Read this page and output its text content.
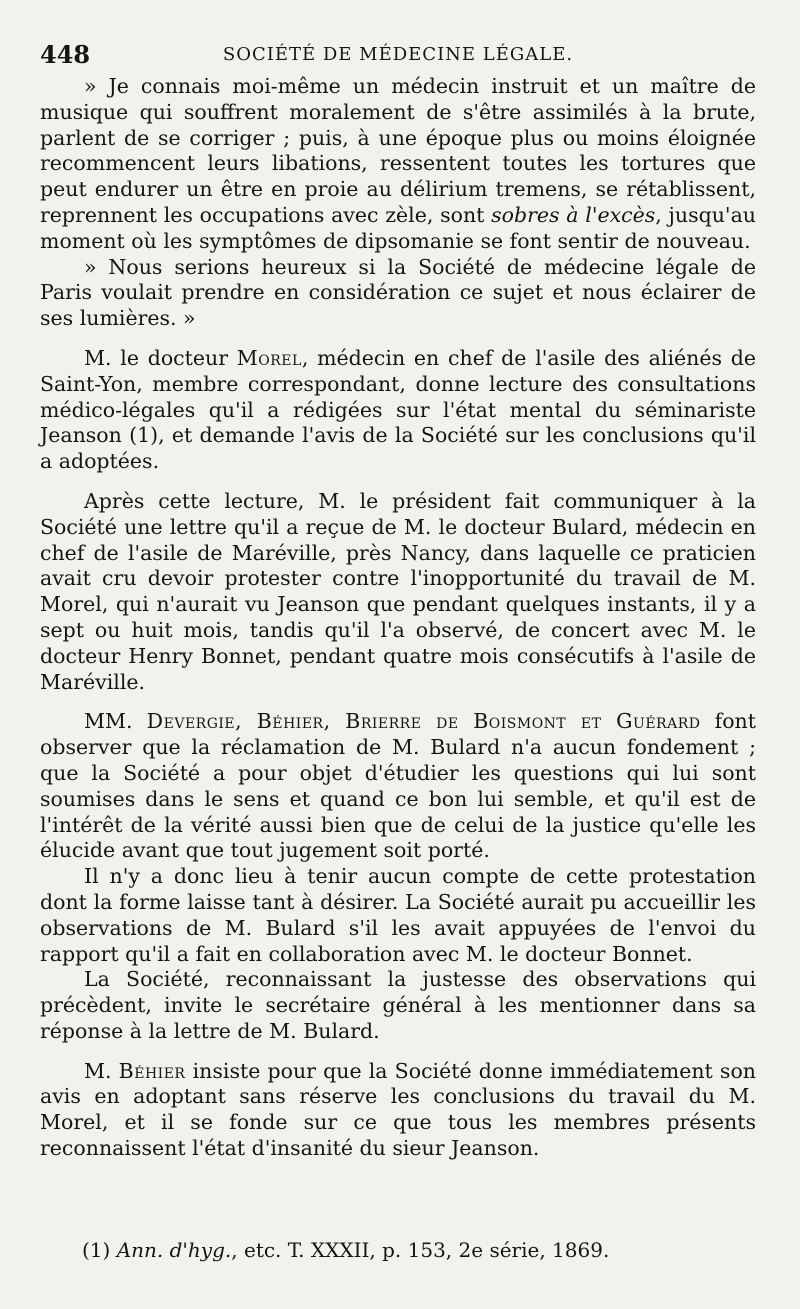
448	SOCIÉTÉ DE MÉDECINE LÉGALE.

» Je connais moi-même un médecin instruit et un maître de musique qui souffrent moralement de s'être assimilés à la brute, parlent de se corriger ; puis, à une époque plus ou moins éloignée recommencent leurs libations, ressentent toutes les tortures que peut endurer un être en proie au délirium tremens, se rétablissent, reprennent les occupations avec zèle, sont sobres à l'excès, jusqu'au moment où les symptômes de dipsomanie se font sentir de nouveau.

» Nous serions heureux si la Société de médecine légale de Paris voulait prendre en considération ce sujet et nous éclairer de ses lumières. »

M. le docteur Morel, médecin en chef de l'asile des aliénés de Saint-Yon, membre correspondant, donne lecture des consultations médico-légales qu'il a rédigées sur l'état mental du séminariste Jeanson (1), et demande l'avis de la Société sur les conclusions qu'il a adoptées.

Après cette lecture, M. le président fait communiquer à la Société une lettre qu'il a reçue de M. le docteur Bulard, médecin en chef de l'asile de Maréville, près Nancy, dans laquelle ce praticien avait cru devoir protester contre l'inopportunité du travail de M. Morel, qui n'aurait vu Jeanson que pendant quelques instants, il y a sept ou huit mois, tandis qu'il l'a observé, de concert avec M. le docteur Henry Bonnet, pendant quatre mois consécutifs à l'asile de Maréville.

MM. Devergie, Béhier, Brierre de Boismont et Guérard font observer que la réclamation de M. Bulard n'a aucun fondement ; que la Société a pour objet d'étudier les questions qui lui sont soumises dans le sens et quand ce bon lui semble, et qu'il est de l'intérêt de la vérité aussi bien que de celui de la justice qu'elle les élucide avant que tout jugement soit porté.

Il n'y a donc lieu à tenir aucun compte de cette protestation dont la forme laisse tant à désirer. La Société aurait pu accueillir les observations de M. Bulard s'il les avait appuyées de l'envoi du rapport qu'il a fait en collaboration avec M. le docteur Bonnet.

La Société, reconnaissant la justesse des observations qui précèdent, invite le secrétaire général à les mentionner dans sa réponse à la lettre de M. Bulard.

M. Béhier insiste pour que la Société donne immédiatement son avis en adoptant sans réserve les conclusions du travail du M. Morel, et il se fonde sur ce que tous les membres présents reconnaissent l'état d'insanité du sieur Jeanson.

(1) Ann. d'hyg., etc. T. XXXII, p. 153, 2e série, 1869.
